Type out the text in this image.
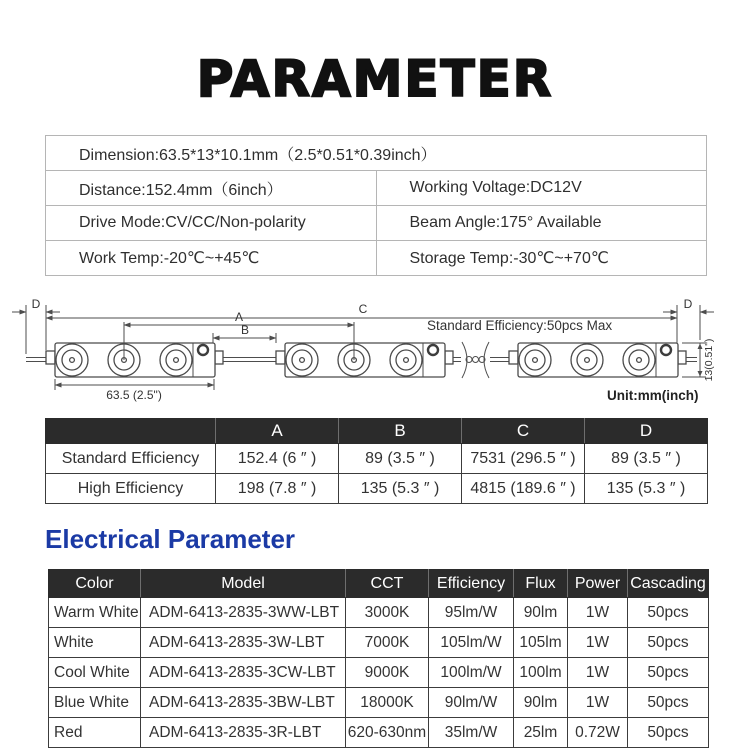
PARAMETER
Dimension:63.5*13*10.1mm（2.5*0.51*0.39inch）	
Distance:152.4mm（6inch）	Working Voltage:DC12V
Drive Mode:CV/CC/Non-polarity	Beam Angle:175° Available
Work Temp:-20℃~+45℃	Storage Temp:-30℃~+70℃
D	C
A
B
D
63.5 (2.5")
13(0.51")
Standard Efficiency:50pcs Max
Unit:mm(inch)
	A	B	C	D
Standard Efficiency	152.4 (6 ″ )	89 (3.5 ″ )	7531 (296.5 ″ )	89 (3.5 ″ )
High Efficiency	198 (7.8 ″ )	135 (5.3 ″ )	4815 (189.6 ″ )	135 (5.3 ″ )
Electrical Parameter
Color	Model	CCT	Efficiency	Flux	Power	Cascading
Warm White	ADM-6413-2835-3WW-LBT	3000K	95lm/W	90lm	1W	50pcs
White	ADM-6413-2835-3W-LBT	7000K	105lm/W	105lm	1W	50pcs
Cool White	ADM-6413-2835-3CW-LBT	9000K	100lm/W	100lm	1W	50pcs
Blue White	ADM-6413-2835-3BW-LBT	18000K	90lm/W	90lm	1W	50pcs
Red	ADM-6413-2835-3R-LBT	620-630nm	35lm/W	25lm	0.72W	50pcs
